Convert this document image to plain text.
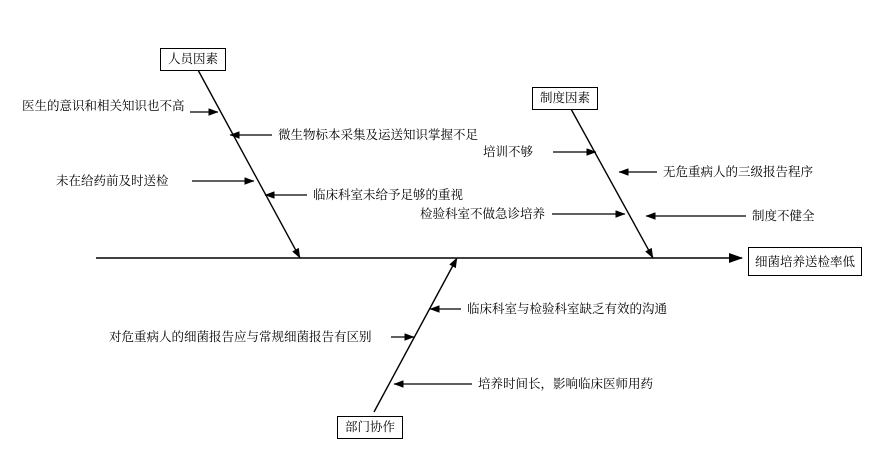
人员因素
医生的意识和相关知识也不高
微生物标本采集及运送知识掌握不足
未在给药前及时送检
临床科室未给予足够的重视
制度因素
培训不够
无危重病人的三级报告程序
检验科室不做急诊培养	制度不健全
部门协作
临床科室与检验科室缺乏有效的沟通
对危重病人的细菌报告应与常规细菌报告有区别
培养时间长，影响临床医师用药
细菌培养送检率低
